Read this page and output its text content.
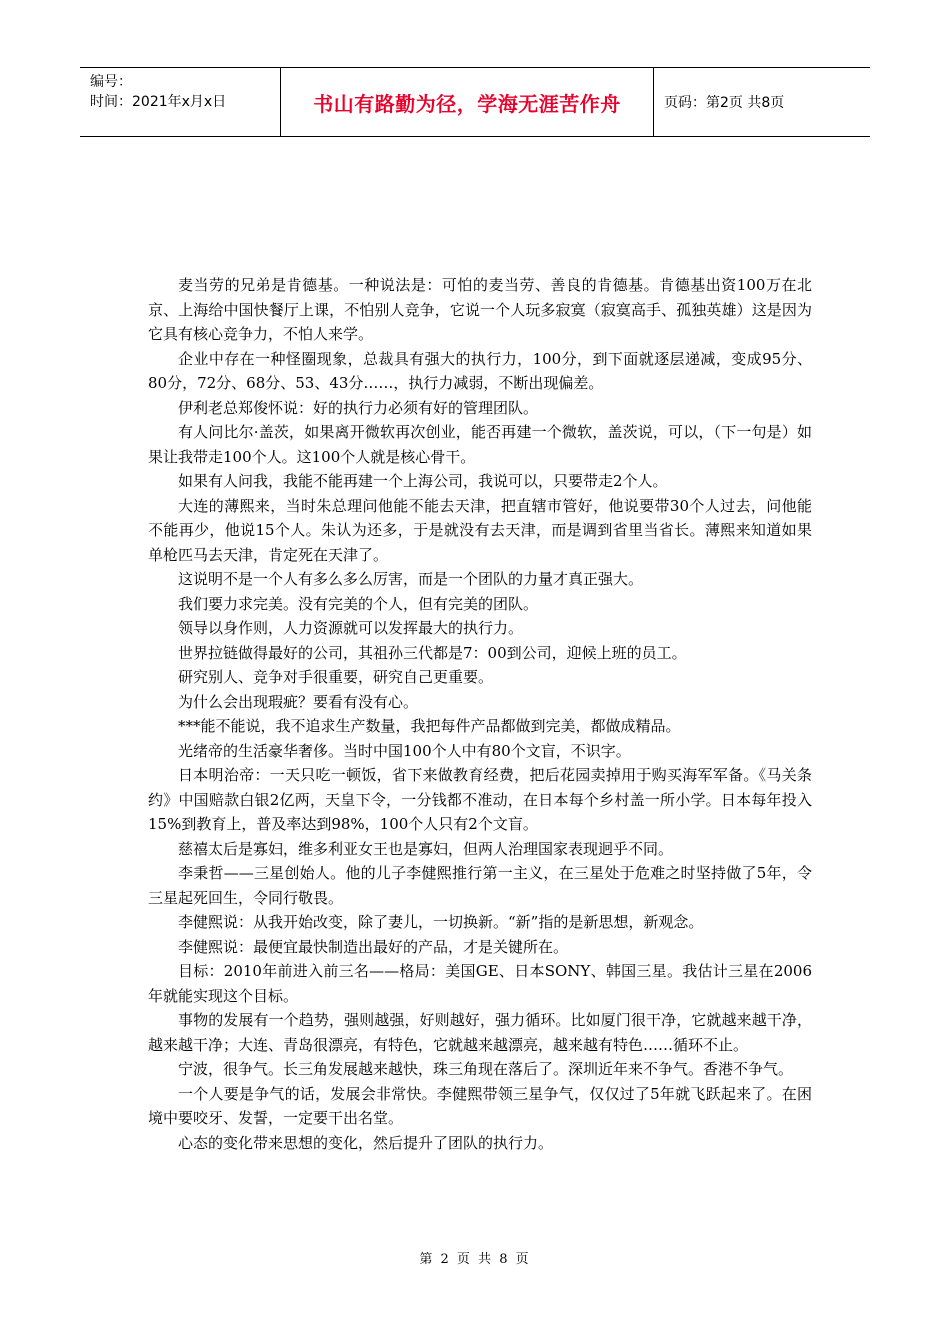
编号：
时间：2021年x月x日	书山有路勤为径，学海无涯苦作舟	页码：第2页 共8页

麦当劳的兄弟是肯德基。一种说法是：可怕的麦当劳、善良的肯德基。肯德基出资100万在北京、上海给中国快餐厅上课，不怕别人竞争，它说一个人玩多寂寞（寂寞高手、孤独英雄）这是因为它具有核心竞争力，不怕人来学。

企业中存在一种怪圈现象，总裁具有强大的执行力，100分，到下面就逐层递减，变成95分、80分，72分、68分、53、43分……，执行力减弱，不断出现偏差。

伊利老总郑俊怀说：好的执行力必须有好的管理团队。

有人问比尔·盖茨，如果离开微软再次创业，能否再建一个微软，盖茨说，可以，（下一句是）如果让我带走100个人。这100个人就是核心骨干。

如果有人问我，我能不能再建一个上海公司，我说可以，只要带走2个人。

大连的薄熙来，当时朱总理问他能不能去天津，把直辖市管好，他说要带30个人过去，问他能不能再少，他说15个人。朱认为还多，于是就没有去天津，而是调到省里当省长。薄熙来知道如果单枪匹马去天津，肯定死在天津了。

这说明不是一个人有多么多么厉害，而是一个团队的力量才真正强大。

我们要力求完美。没有完美的个人，但有完美的团队。

领导以身作则，人力资源就可以发挥最大的执行力。

世界拉链做得最好的公司，其祖孙三代都是7：00到公司，迎候上班的员工。

研究别人、竞争对手很重要，研究自己更重要。

为什么会出现瑕疵？要看有没有心。

***能不能说，我不追求生产数量，我把每件产品都做到完美，都做成精品。

光绪帝的生活豪华奢侈。当时中国100个人中有80个文盲，不识字。

日本明治帝：一天只吃一顿饭，省下来做教育经费，把后花园卖掉用于购买海军军备。《马关条约》中国赔款白银2亿两，天皇下令，一分钱都不准动，在日本每个乡村盖一所小学。日本每年投入15%到教育上，普及率达到98%，100个人只有2个文盲。

慈禧太后是寡妇，维多利亚女王也是寡妇，但两人治理国家表现迥乎不同。

李秉哲——三星创始人。他的儿子李健熙推行第一主义，在三星处于危难之时坚持做了5年，令三星起死回生，令同行敬畏。

李健熙说：从我开始改变，除了妻儿，一切换新。“新”指的是新思想，新观念。

李健熙说：最便宜最快制造出最好的产品，才是关键所在。

目标：2010年前进入前三名——格局：美国GE、日本SONY、韩国三星。我估计三星在2006年就能实现这个目标。

事物的发展有一个趋势，强则越强，好则越好，强力循环。比如厦门很干净，它就越来越干净，越来越干净；大连、青岛很漂亮，有特色，它就越来越漂亮，越来越有特色……循环不止。

宁波，很争气。长三角发展越来越快，珠三角现在落后了。深圳近年来不争气。香港不争气。

一个人要是争气的话，发展会非常快。李健熙带领三星争气，仅仅过了5年就飞跃起来了。在困境中要咬牙、发誓，一定要干出名堂。

心态的变化带来思想的变化，然后提升了团队的执行力。

第 2 页 共 8 页
